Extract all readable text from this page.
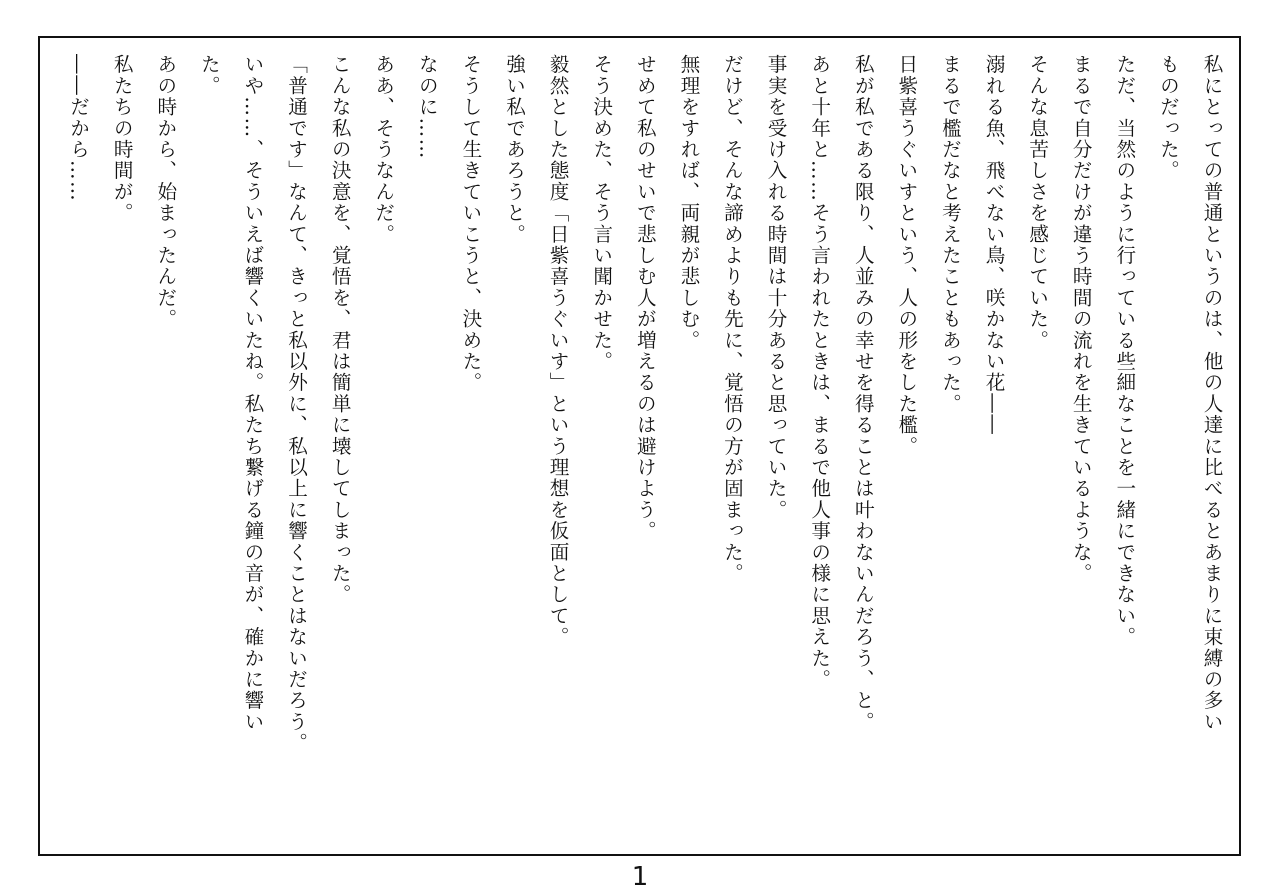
私にとっての普通というのは、他の人達に比べるとあまりに束縛の多い
ものだった。
ただ、当然のように行っている些細なことを一緒にできない。
まるで自分だけが違う時間の流れを生きているような。
そんな息苦しさを感じていた。
溺れる魚、飛べない鳥、咲かない花――
まるで檻だなと考えたこともあった。
日紫喜うぐいすという、人の形をした檻。
私が私である限り、人並みの幸せを得ることは叶わないんだろう、と。
あと十年と……そう言われたときは、まるで他人事の様に思えた。
事実を受け入れる時間は十分あると思っていた。
だけど、そんな諦めよりも先に、覚悟の方が固まった。
無理をすれば、両親が悲しむ。
せめて私のせいで悲しむ人が増えるのは避けよう。
そう決めた、そう言い聞かせた。
毅然とした態度「日紫喜うぐいす」という理想を仮面として。
強い私であろうと。
そうして生きていこうと、決めた。
なのに……
ああ、そうなんだ。
こんな私の決意を、覚悟を、君は簡単に壊してしまった。
「普通です」なんて、きっと私以外に、私以上に響くことはないだろう。
いや……、そういえば響くいたね。私たち繋げる鐘の音が、確かに響い
た。
あの時から、始まったんだ。
私たちの時間が。
――だから……
1
